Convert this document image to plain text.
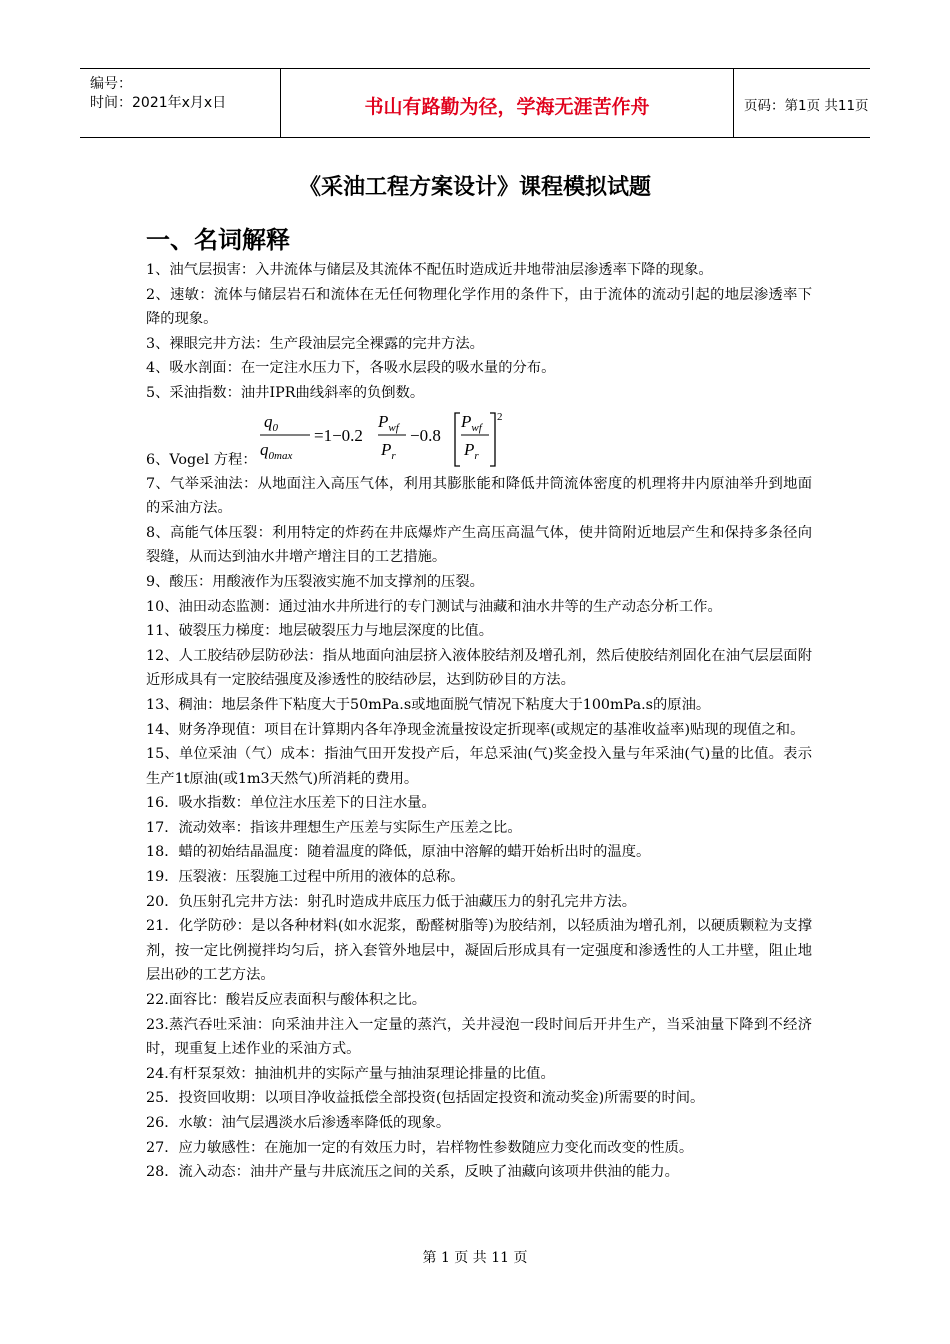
编号：
时间：2021年x月x日	书山有路勤为径，学海无涯苦作舟	页码：第1页 共11页
《采油工程方案设计》课程模拟试题
一、名词解释

1、油气层损害：入井流体与储层及其流体不配伍时造成近井地带油层渗透率下降的现象。

2、速敏：流体与储层岩石和流体在无任何物理化学作用的条件下，由于流体的流动引起的地层渗透率下降的现象。

3、裸眼完井方法：生产段油层完全裸露的完井方法。

4、吸水剖面：在一定注水压力下，各吸水层段的吸水量的分布。

5、采油指数：油井IPR曲线斜率的负倒数。

6、Vogel 方程：
$q_0$
$q_{0max}$
=1−0.2
$P_{wf}$
$P_r$
−0.8
$P_{wf}$
$P_r$
2

7、气举采油法：从地面注入高压气体，利用其膨胀能和降低井筒流体密度的机理将井内原油举升到地面的采油方法。

8、高能气体压裂：利用特定的炸药在井底爆炸产生高压高温气体，使井筒附近地层产生和保持多条径向裂缝，从而达到油水井增产增注目的工艺措施。

9、酸压：用酸液作为压裂液实施不加支撑剂的压裂。

10、油田动态监测：通过油水井所进行的专门测试与油藏和油水井等的生产动态分析工作。

11、破裂压力梯度：地层破裂压力与地层深度的比值。

12、人工胶结砂层防砂法：指从地面向油层挤入液体胶结剂及增孔剂，然后使胶结剂固化在油气层层面附近形成具有一定胶结强度及渗透性的胶结砂层，达到防砂目的方法。

13、稠油：地层条件下粘度大于50mPa.s或地面脱气情况下粘度大于100mPa.s的原油。

14、财务净现值：项目在计算期内各年净现金流量按设定折现率(或规定的基准收益率)贴现的现值之和。

15、单位采油（气）成本：指油气田开发投产后，年总采油(气)奖金投入量与年采油(气)量的比值。表示生产1t原油(或1m3天然气)所消耗的费用。

16．吸水指数：单位注水压差下的日注水量。

17．流动效率：指该井理想生产压差与实际生产压差之比。

18．蜡的初始结晶温度：随着温度的降低，原油中溶解的蜡开始析出时的温度。

19．压裂液：压裂施工过程中所用的液体的总称。

20．负压射孔完井方法：射孔时造成井底压力低于油藏压力的射孔完井方法。

21．化学防砂：是以各种材料(如水泥浆，酚醛树脂等)为胶结剂，以轻质油为增孔剂，以硬质颗粒为支撑剂，按一定比例搅拌均匀后，挤入套管外地层中，凝固后形成具有一定强度和渗透性的人工井壁，阻止地层出砂的工艺方法。

22.面容比：酸岩反应表面积与酸体积之比。

23.蒸汽吞吐采油：向采油井注入一定量的蒸汽，关井浸泡一段时间后开井生产，当采油量下降到不经济时，现重复上述作业的采油方式。

24.有杆泵泵效：抽油机井的实际产量与抽油泵理论排量的比值。

25．投资回收期：以项目净收益抵偿全部投资(包括固定投资和流动奖金)所需要的时间。

26．水敏：油气层遇淡水后渗透率降低的现象。

27．应力敏感性：在施加一定的有效压力时，岩样物性参数随应力变化而改变的性质。

28．流入动态：油井产量与井底流压之间的关系，反映了油藏向该项井供油的能力。

第 1 页 共 11 页
